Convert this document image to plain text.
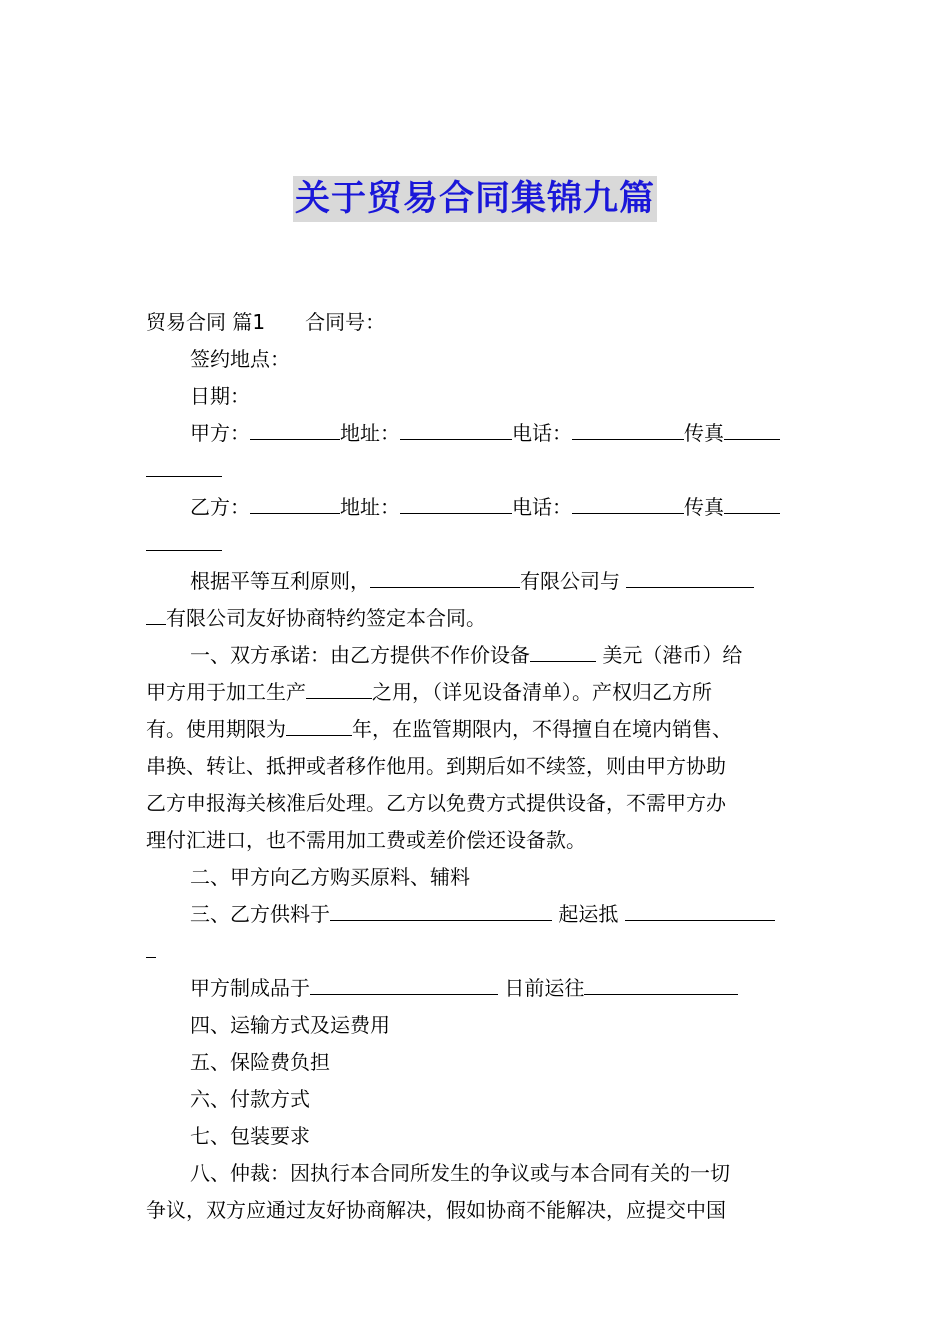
关于贸易合同集锦九篇

贸易合同 篇1 合同号：

签约地点：

日期：

甲方：	地址：	电话：	传真

乙方：	地址：	电话：	传真

根据平等互利原则，	有限公司与

有限公司友好协商特约签定本合同。

一、双方承诺：由乙方提供不作价设备	美元（港币）给

甲方用于加工生产	之用，（详见设备清单）。产权归乙方所

有。使用期限为	年，在监管期限内，不得擅自在境内销售、

串换、转让、抵押或者移作他用。到期后如不续签，则由甲方协助

乙方申报海关核准后处理。乙方以免费方式提供设备，不需甲方办

理付汇进口，也不需用加工费或差价偿还设备款。

二、甲方向乙方购买原料、辅料

三、乙方供料于	起运抵

甲方制成品于	日前运往

四、运输方式及运费用

五、保险费负担

六、付款方式

七、包装要求

八、仲裁：因执行本合同所发生的争议或与本合同有关的一切

争议，双方应通过友好协商解决，假如协商不能解决，应提交中国
